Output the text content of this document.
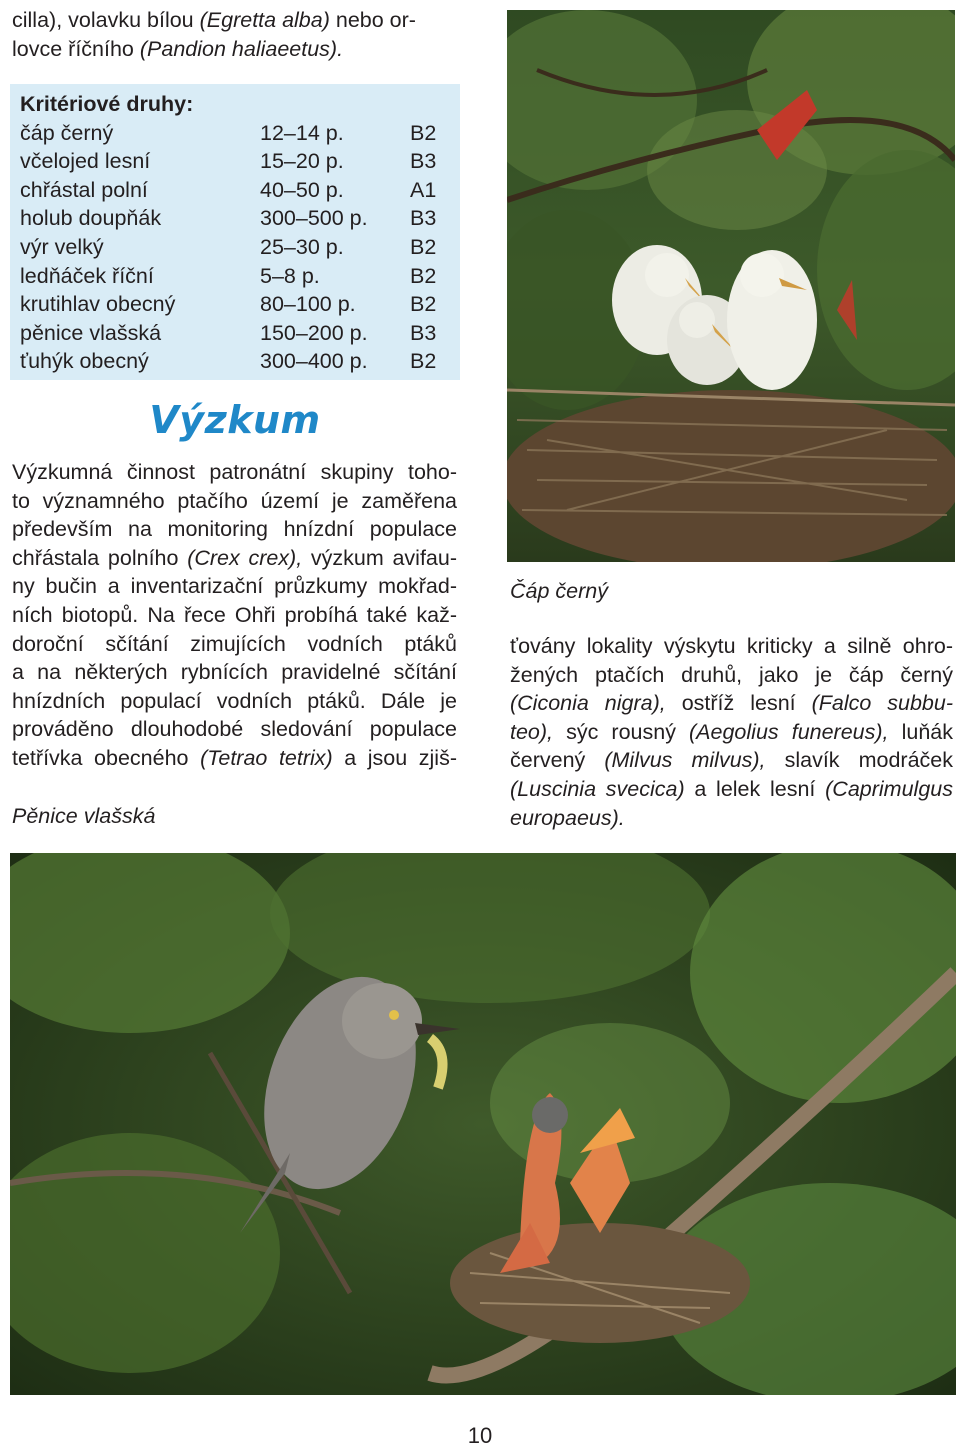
cilla), volavku bílou (Egretta alba) nebo or-
lovce říčního (Pandion haliaeetus).
Kritériové druhy:
čáp černý	12–14 p.	B2
včelojed lesní	15–20 p.	B3
chřástal polní	40–50 p.	A1
holub doupňák	300–500 p.	B3
výr velký	25–30 p.	B2
ledňáček říční	5–8 p.	B2
krutihlav obecný	80–100 p.	B2
pěnice vlašská	150–200 p.	B3
ťuhýk obecný	300–400 p.	B2
Výzkum

Výzkumná činnost patronátní skupiny toho-

to významného ptačího území je zaměřena

především na monitoring hnízdní populace

chřástala polního (Crex crex), výzkum avifau-

ny bučin a inventarizační průzkumy mokřad-

ních biotopů. Na řece Ohři probíhá také kaž-

doroční sčítání zimujících vodních ptáků

a na některých rybnících pravidelné sčítání

hnízdních populací vodních ptáků. Dále je

prováděno dlouhodobé sledování populace

tetřívka obecného (Tetrao tetrix) a jsou zjiš-

Pěnice vlašská
Čáp černý

ťovány lokality výskytu kriticky a silně ohro-

žených ptačích druhů, jako je čáp černý

(Ciconia nigra), ostříž lesní (Falco subbu-

teo), sýc rousný (Aegolius funereus), luňák

červený (Milvus milvus), slavík modráček

(Luscinia svecica) a lelek lesní (Caprimulgus

europaeus).

10
